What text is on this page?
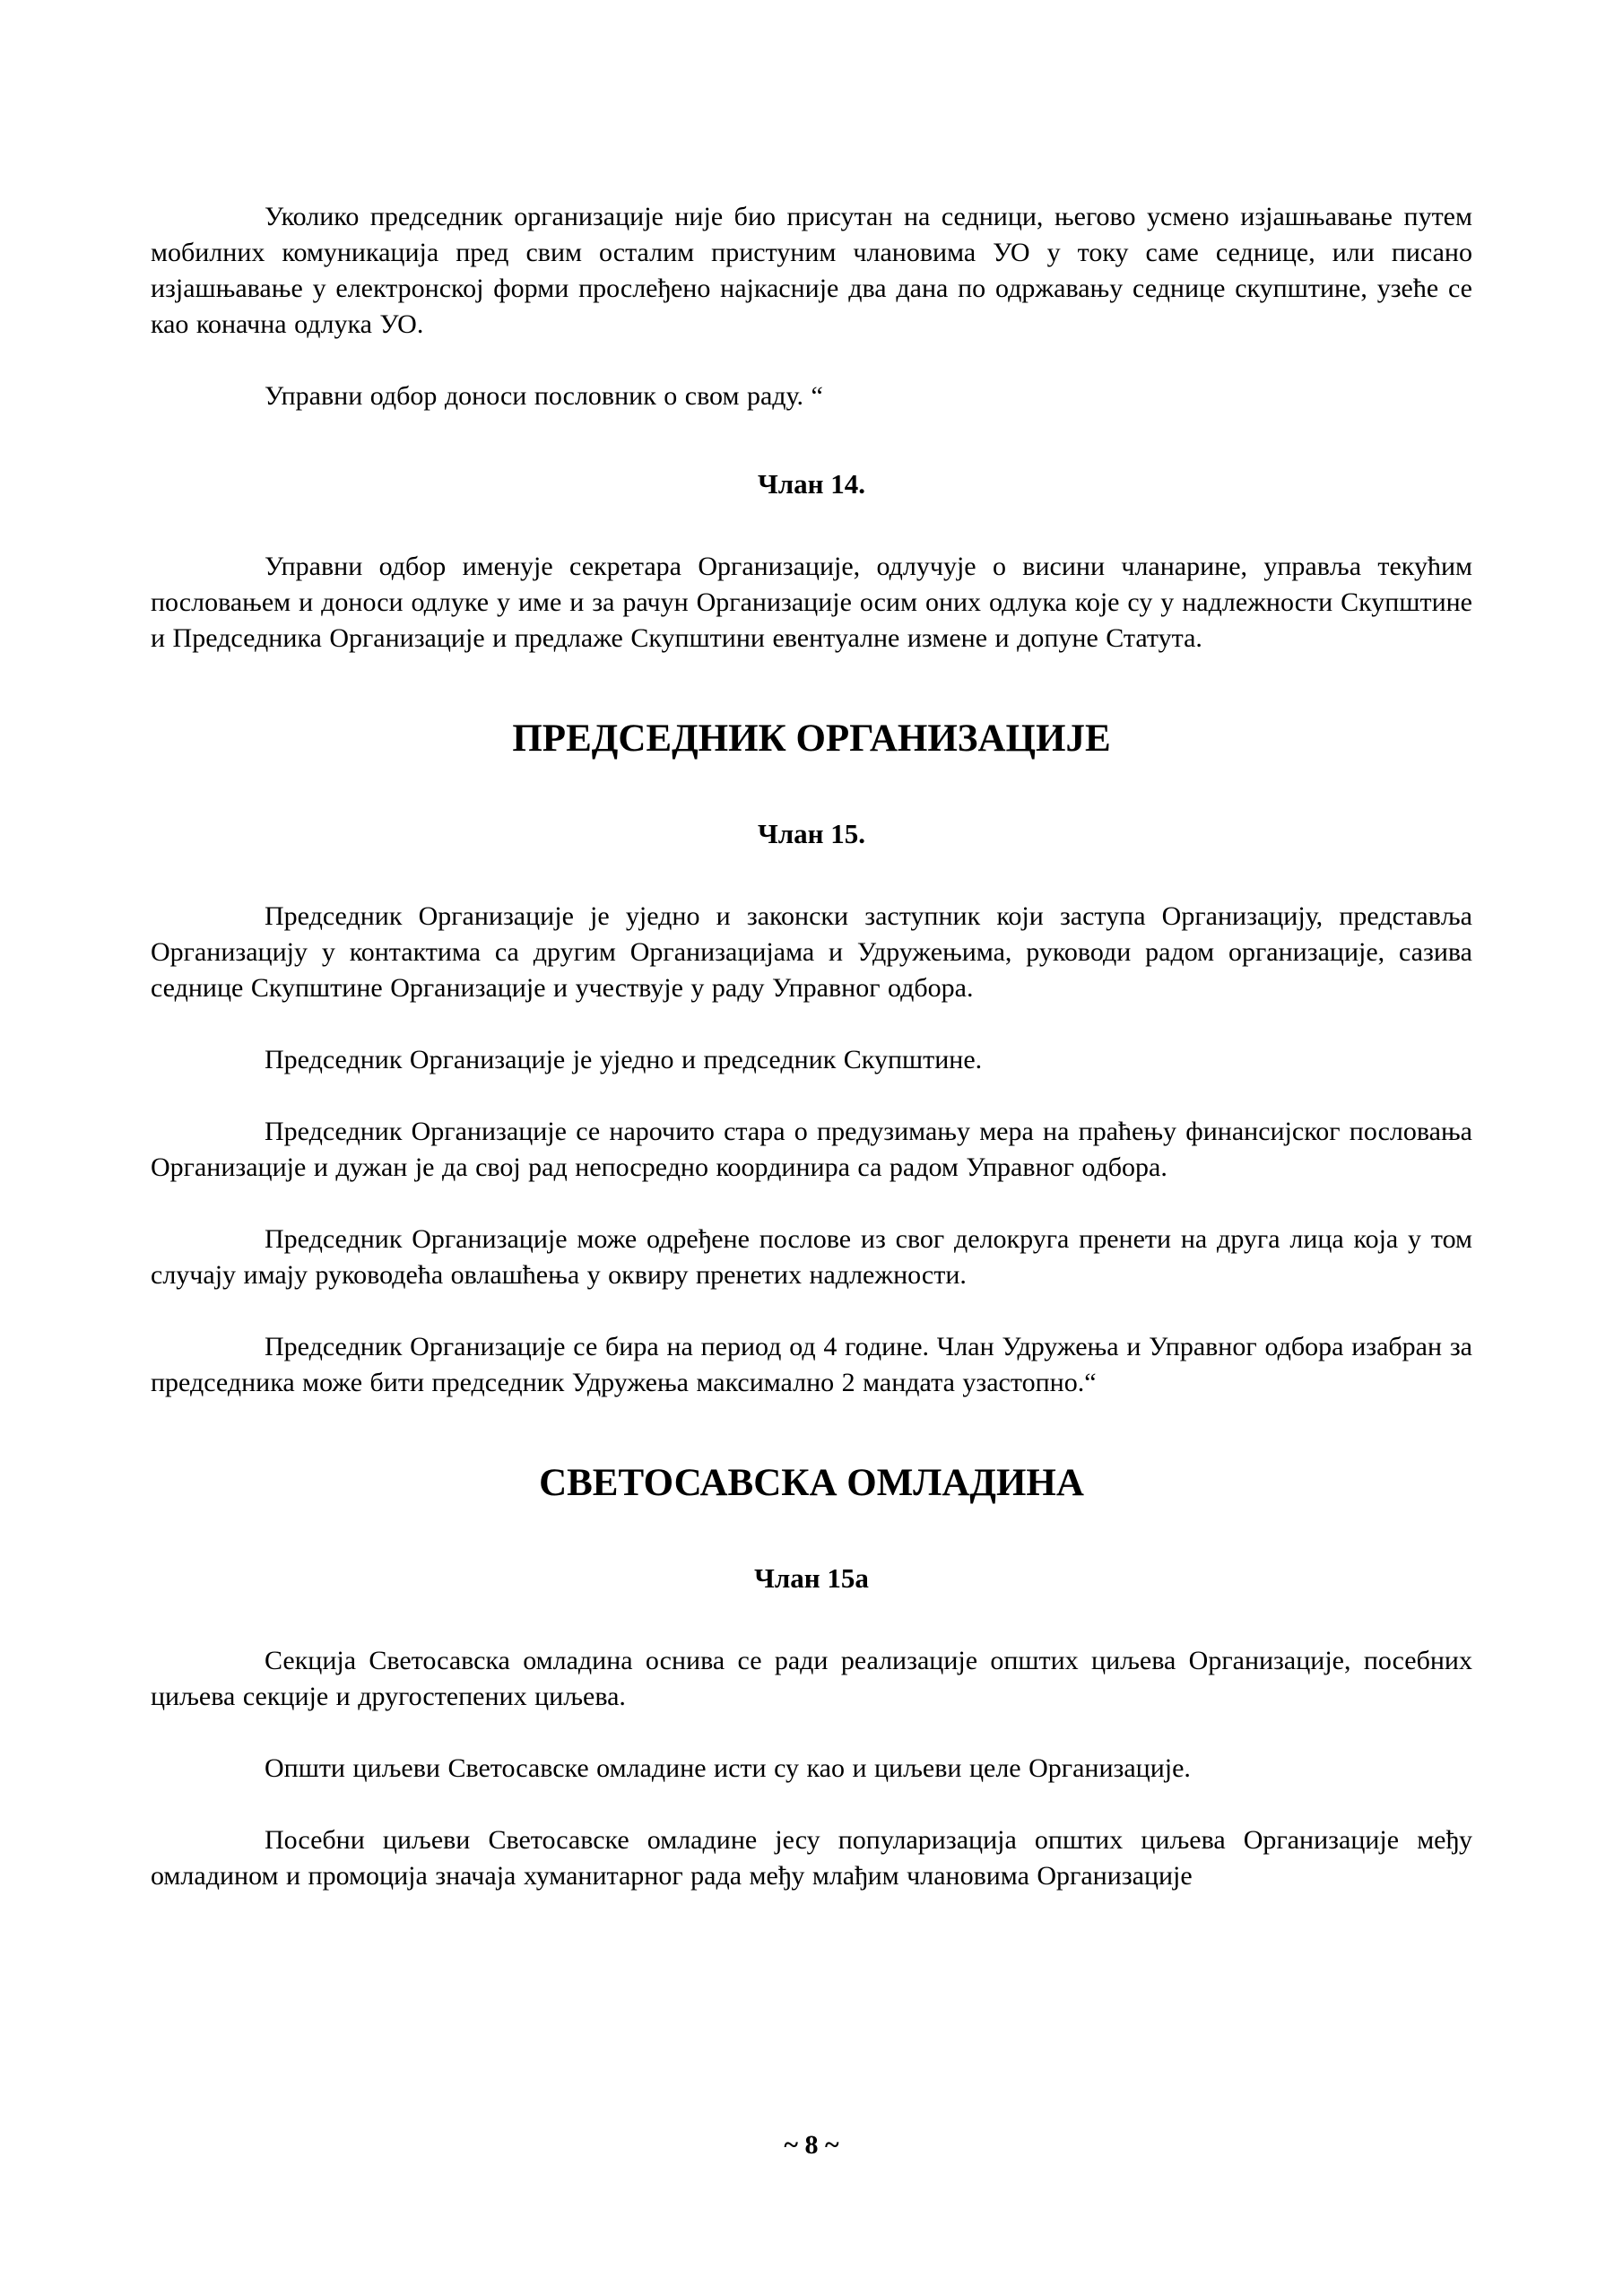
Уколико председник организације није био присутан на седници, његово усмено изјашњавање путем мобилних комуникација пред свим осталим пристуним члановима УО у току саме седнице, или писано изјашњавање у електронској форми прослеђено најкасније два дана по одржавању седнице скупштине, узеће се као коначна одлука УО.

Управни одбор доноси пословник о свом раду. “

Члан 14.

Управни одбор именује секретара Организације, одлучује о висини чланарине, управља текућим пословањем и доноси одлуке у име и за рачун Организације осим оних одлука које су у надлежности Скупштине и Председника Организације и предлаже Скупштини евентуалне измене и допуне Статута.

ПРЕДСЕДНИК ОРГАНИЗАЦИЈЕ
Члан 15.

Председник Организације је уједно и законски заступник који заступа Организацију, представља Организацију у контактима са другим Организацијама и Удружењима, руководи радом организације, сазива седнице Скупштине Организације и учествује у раду Управног одбора.

Председник Организације је уједно и председник Скупштине.

Председник Организације се нарочито стара о предузимању мера на праћењу финансијског пословања Организације и дужан је да свој рад непосредно координира са радом Управног одбора.

Председник Организације може одређене послове из свог делокруга пренети на друга лица која у том случају имају руководећа овлашћења у оквиру пренетих надлежности.

Председник Организације се бира на период од 4 године. Члан Удружења и Управног одбора изабран за председника може бити председник Удружења максимално 2 мандата узастопно.“

СВЕТОСАВСКА ОМЛАДИНА
Члан 15а

Секција Светосавска омладина оснива се ради реализације општих циљева Организације, посебних циљева секције и другостепених циљева.

Општи циљеви Светосавске омладине исти су као и циљеви целе Организације.

Посебни циљеви Светосавске омладине јесу популаризација општих циљева Организације међу омладином и промоција значаја хуманитарног рада међу млађим члановима Организације

~ 8 ~
